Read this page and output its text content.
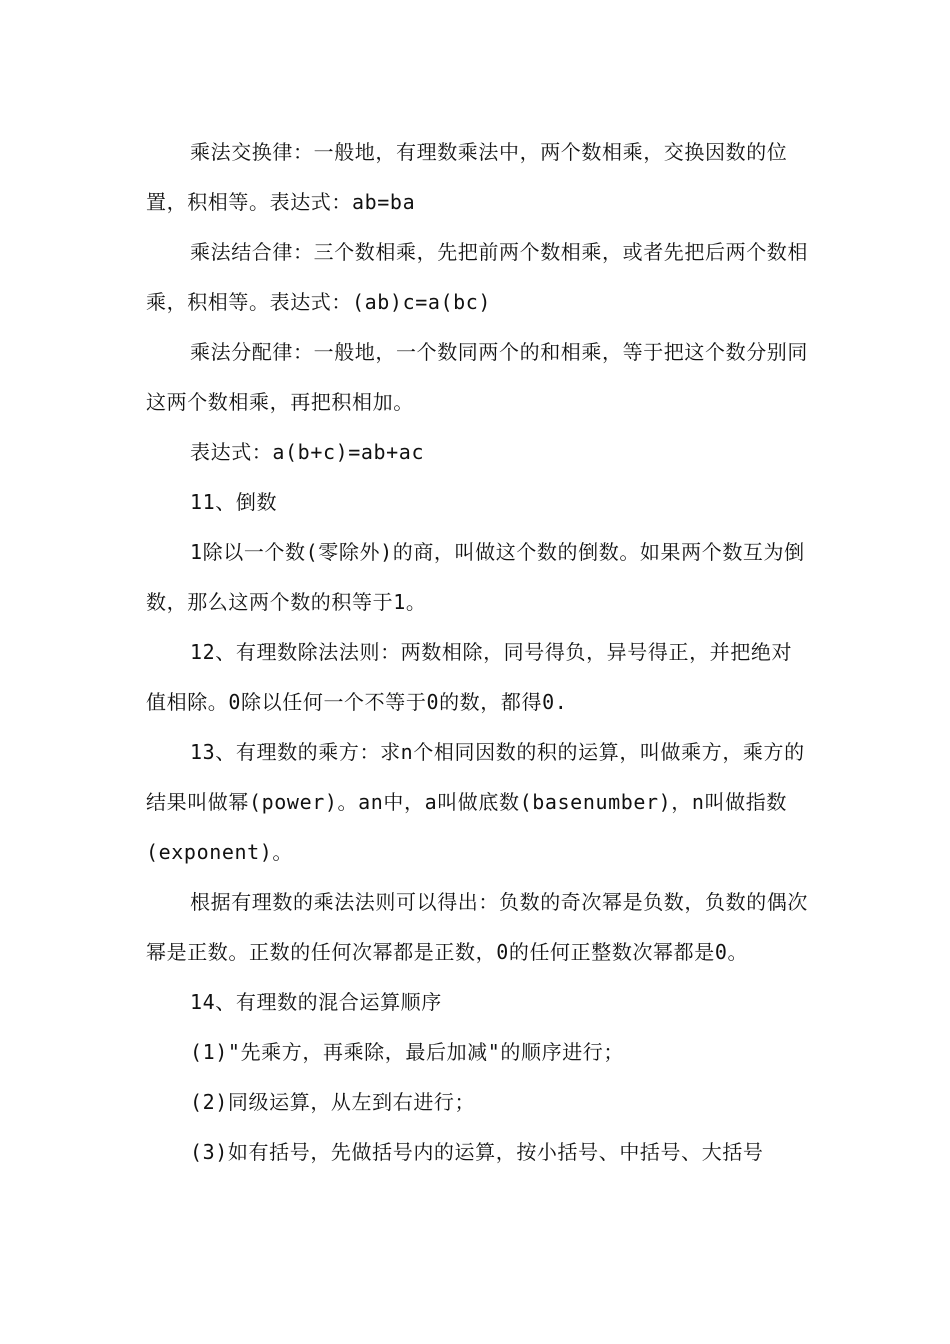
乘法交换律：一般地，有理数乘法中，两个数相乘，交换因数的位置，积相等。表达式：ab=ba

乘法结合律：三个数相乘，先把前两个数相乘，或者先把后两个数相乘，积相等。表达式：(ab)c=a(bc)

乘法分配律：一般地，一个数同两个的和相乘，等于把这个数分别同这两个数相乘，再把积相加。

表达式：a(b+c)=ab+ac

11、倒数

1除以一个数(零除外)的商，叫做这个数的倒数。如果两个数互为倒数，那么这两个数的积等于1。

12、有理数除法法则：两数相除，同号得负，异号得正，并把绝对值相除。0除以任何一个不等于0的数，都得0.

13、有理数的乘方：求n个相同因数的积的运算，叫做乘方，乘方的结果叫做幂(power)。an中，a叫做底数(basenumber)，n叫做指数(exponent)。

根据有理数的乘法法则可以得出：负数的奇次幂是负数，负数的偶次幂是正数。正数的任何次幂都是正数，0的任何正整数次幂都是0。

14、有理数的混合运算顺序

(1)"先乘方，再乘除，最后加减"的顺序进行；

(2)同级运算，从左到右进行；

(3)如有括号，先做括号内的运算，按小括号、中括号、大括号
